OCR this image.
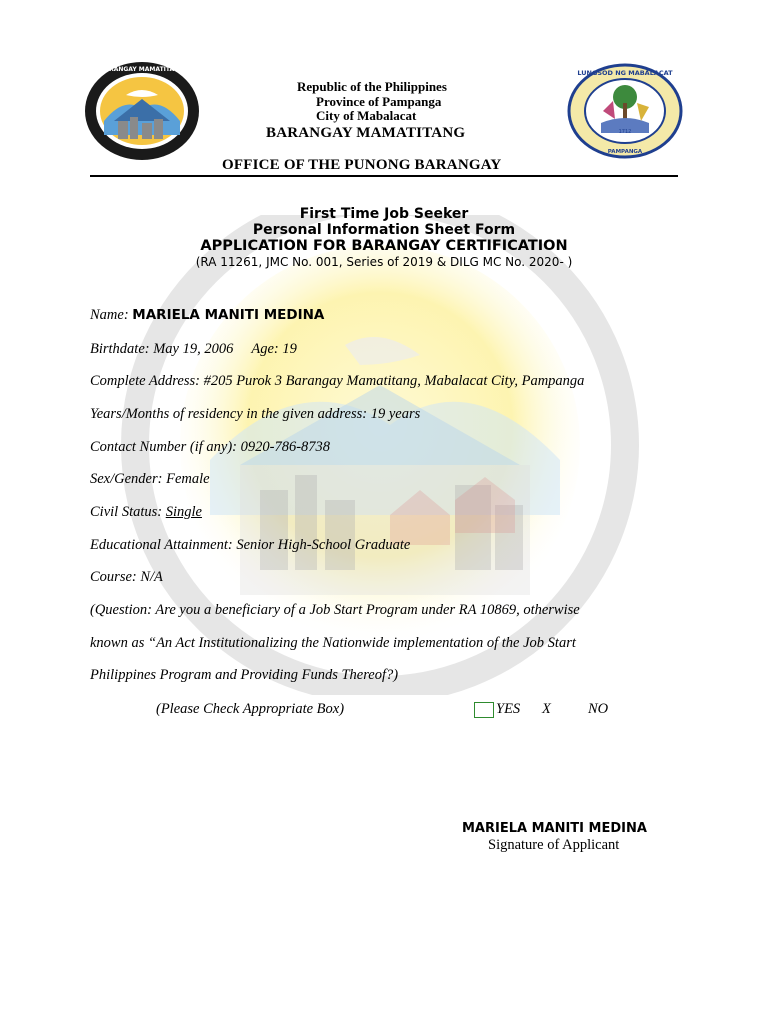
BARANGAY MAMATITANG	LUNGSOD NG MABALACAT
PAMPANGA
1712
Republic of the Philippines
Province of Pampanga
City of Mabalacat
BARANGAY MAMATITANG
OFFICE OF THE PUNONG BARANGAY
First Time Job Seeker
Personal Information Sheet Form
APPLICATION FOR BARANGAY CERTIFICATION
(RA 11261, JMC No. 001, Series of 2019 & DILG MC No. 2020- )
Name: MARIELA MANITI MEDINA
Birthdate: May 19, 2006 Age: 19
Complete Address: #205 Purok 3 Barangay Mamatitang, Mabalacat City, Pampanga
Years/Months of residency in the given address: 19 years
Contact Number (if any): 0920-786-8738
Sex/Gender: Female
Civil Status: Single
Educational Attainment: Senior High-School Graduate
Course: N/A
(Question: Are you a beneficiary of a Job Start Program under RA 10869, otherwise
known as “An Act Institutionalizing the Nationwide implementation of the Job Start
Philippines Program and Providing Funds Thereof?)
(Please Check Appropriate Box)	YES X	NO
MARIELA MANITI MEDINA
Signature of Applicant
